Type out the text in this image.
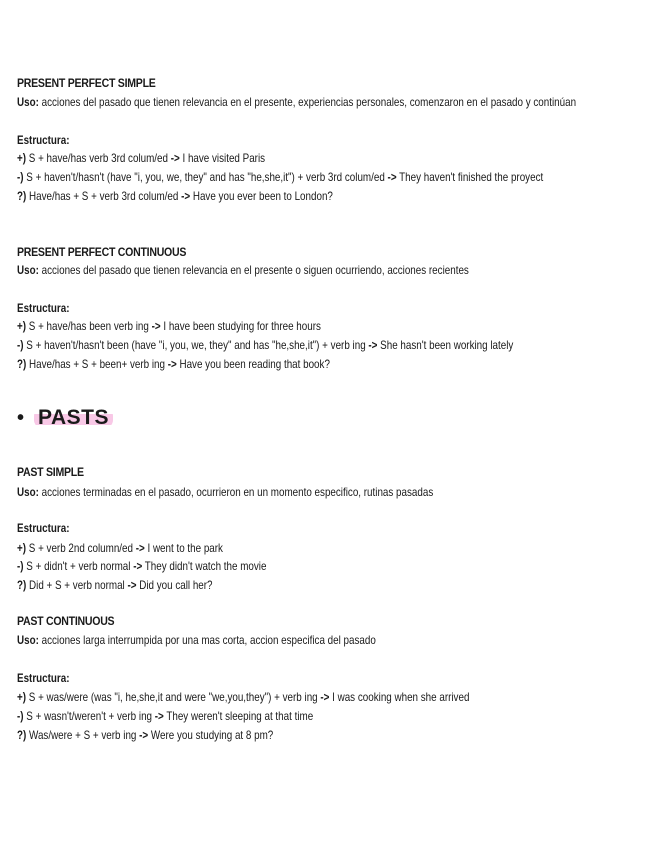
PRESENT PERFECT SIMPLE
Uso: acciones del pasado que tienen relevancia en el presente, experiencias personales, comenzaron en el pasado y continúan
Estructura:
+) S + have/has verb 3rd colum/ed -> I have visited Paris
-) S + haven't/hasn't (have "i, you, we, they" and has "he,she,it") + verb 3rd colum/ed -> They haven't finished the proyect
?) Have/has + S + verb 3rd colum/ed -> Have you ever been to London?
PRESENT PERFECT CONTINUOUS
Uso: acciones del pasado que tienen relevancia en el presente o siguen ocurriendo, acciones recientes
Estructura:
+) S + have/has been verb ing -> I have been studying for three hours
-) S + haven't/hasn't been (have "i, you, we, they" and has "he,she,it") + verb ing -> She hasn't been working lately
?) Have/has + S + been+ verb ing -> Have you been reading that book?
• PASTS
PAST SIMPLE
Uso: acciones terminadas en el pasado, ocurrieron en un momento especifico, rutinas pasadas
Estructura:
+) S + verb 2nd column/ed -> I went to the park
-) S + didn't + verb normal -> They didn't watch the movie
?) Did + S + verb normal -> Did you call her?
PAST CONTINUOUS
Uso: acciones larga interrumpida por una mas corta, accion especifica del pasado
Estructura:
+) S + was/were (was "i, he,she,it and were "we,you,they") + verb ing -> I was cooking when she arrived
-) S + wasn't/weren't + verb ing -> They weren't sleeping at that time
?) Was/were + S + verb ing -> Were you studying at 8 pm?
